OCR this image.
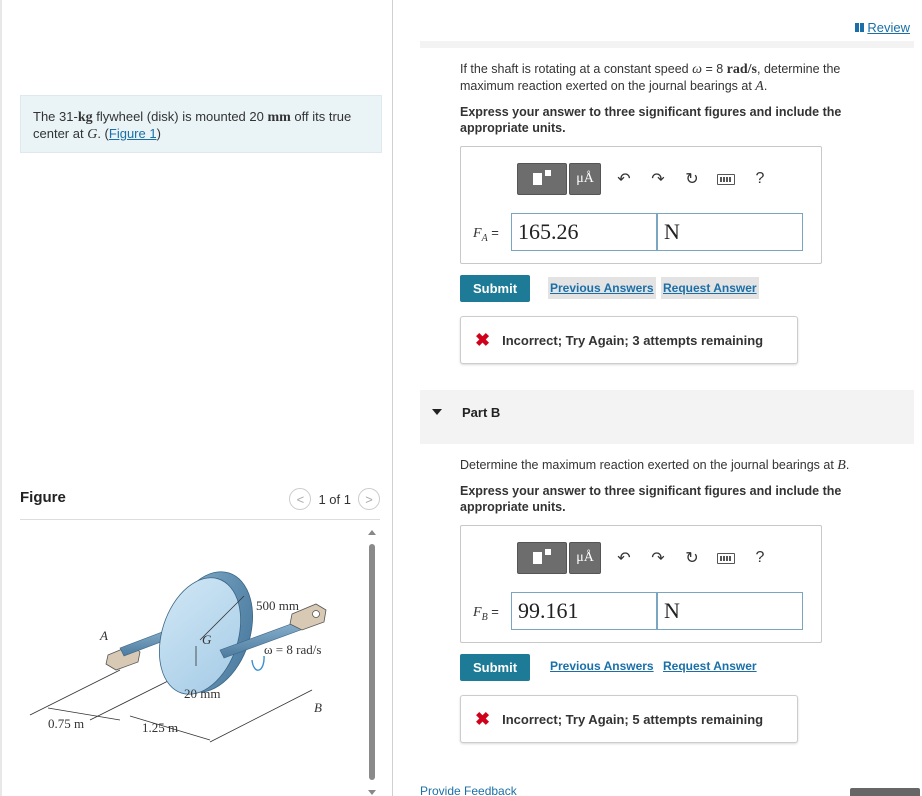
The 31-kg flywheel (disk) is mounted 20 mm off its true center at G. (Figure 1)
Figure	< 1 of 1 >
A	G
500 mm
ω = 8 rad/s
20 mm
B
0.75 m	1.25 m
Review
If the shaft is rotating at a constant speed ω = 8 rad/s, determine the maximum reaction exerted on the journal bearings at A.
Express your answer to three significant figures and include the appropriate units.
μÅ	↶	↷	↻	?
$F_A = 165.26$	N
Submit	Previous Answers Request Answer
✖ Incorrect; Try Again; 3 attempts remaining
Part B
Determine the maximum reaction exerted on the journal bearings at B.
Express your answer to three significant figures and include the appropriate units.
μÅ	↶	↷	↻	?
$F_B = 99.161$	N
Submit	Previous Answers Request Answer
✖ Incorrect; Try Again; 5 attempts remaining
Provide Feedback
